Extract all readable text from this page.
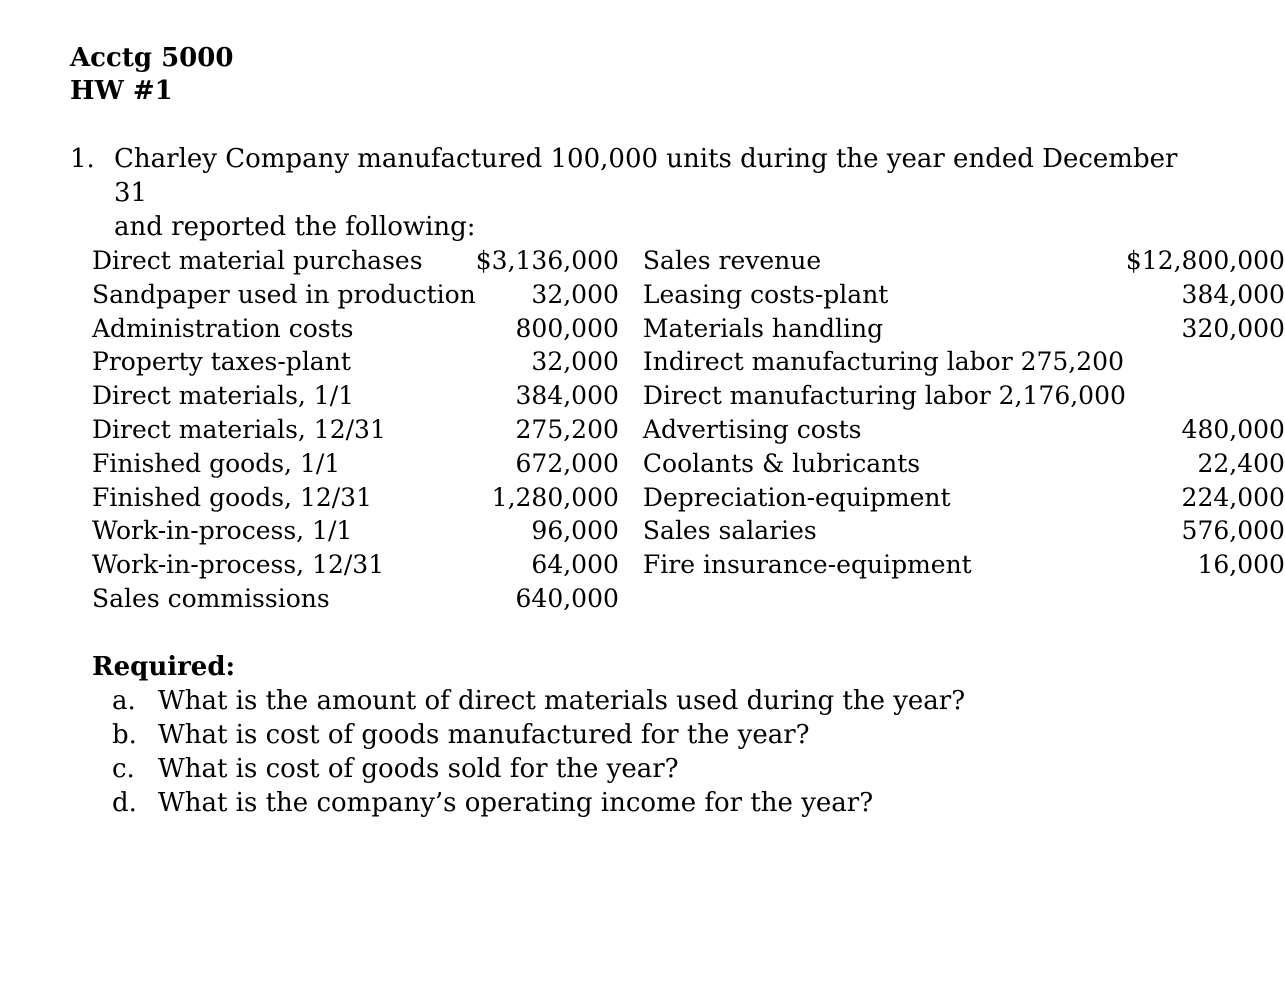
Acctg 5000
HW #1
1. Charley Company manufactured 100,000 units during the year ended December 31
and reported the following:
Direct material purchases	$3,136,000	Sales revenue	$12,800,000
Sandpaper used in production	32,000	Leasing costs-plant	384,000
Administration costs	800,000	Materials handling	320,000
Property taxes-plant	32,000	Indirect manufacturing labor 275,200	
Direct materials, 1/1	384,000	Direct manufacturing labor 2,176,000	
Direct materials, 12/31	275,200	Advertising costs	480,000
Finished goods, 1/1	672,000	Coolants & lubricants	22,400
Finished goods, 12/31	1,280,000	Depreciation-equipment	224,000
Work-in-process, 1/1	96,000	Sales salaries	576,000
Work-in-process, 12/31	64,000	Fire insurance-equipment	16,000
Sales commissions	640,000		
Required:
a. What is the amount of direct materials used during the year?
b. What is cost of goods manufactured for the year?
c. What is cost of goods sold for the year?
d. What is the company’s operating income for the year?
